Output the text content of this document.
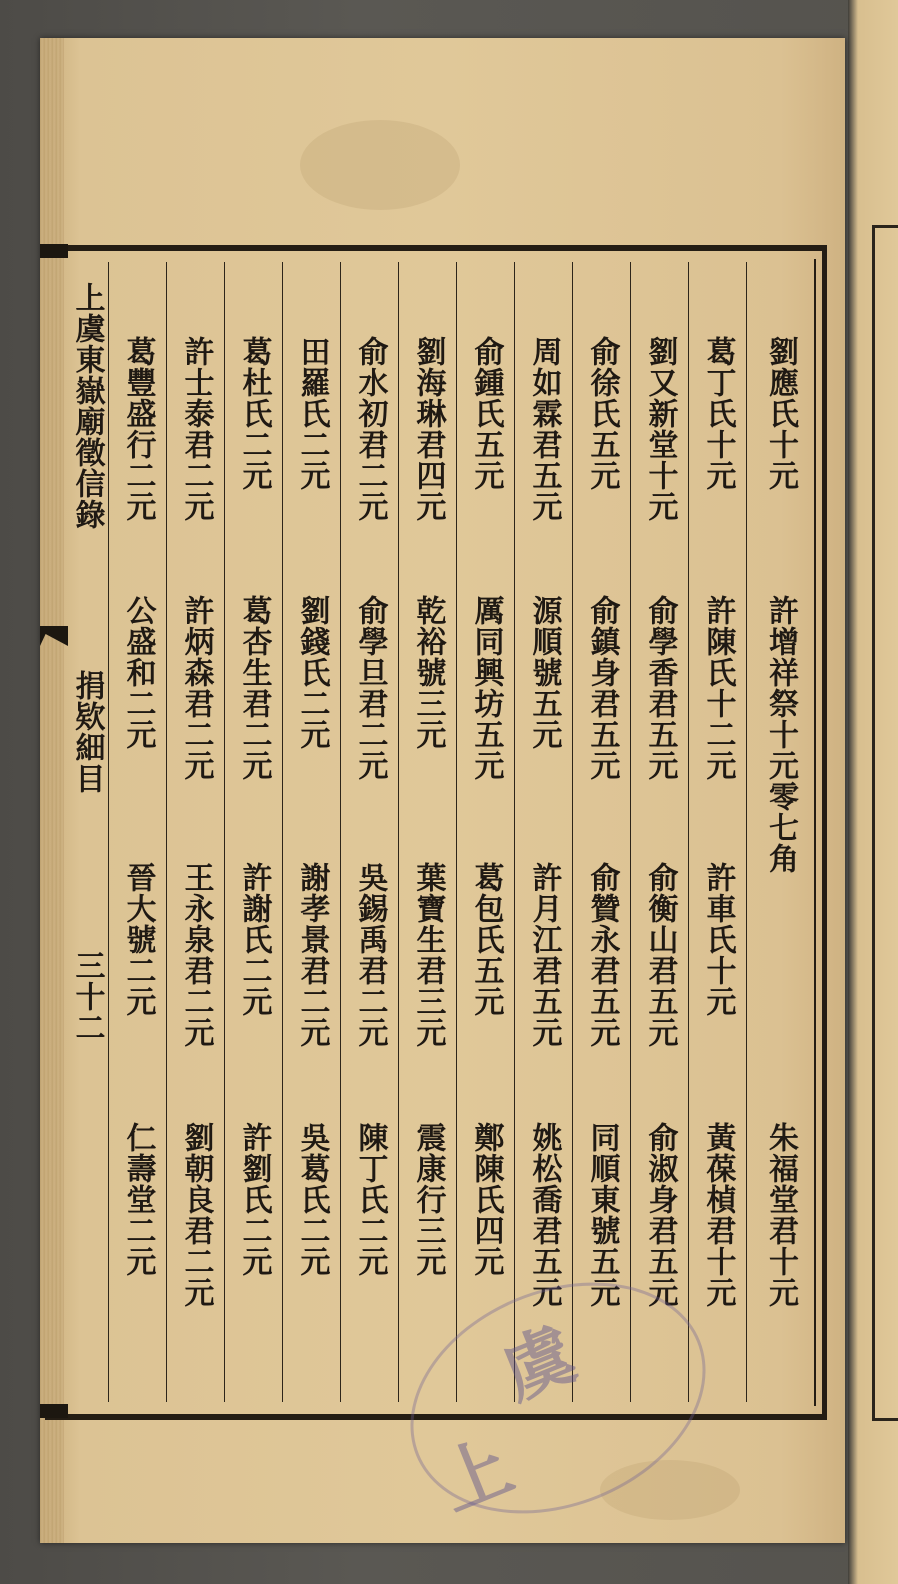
上虞東嶽廟徵信錄
捐欵細目
三十二
葛豐盛行二元
公盛和二元
晉大號二元
仁壽堂二元
許士泰君二元
許炳森君二元
王永泉君二元
劉朝良君二元
葛杜氏二元
葛杏生君二元
許謝氏二元
許劉氏二元
田羅氏二元
劉錢氏二元
謝孝景君二元
吳葛氏二元
俞水初君二元
俞學旦君二元
吳錫禹君二元
陳丁氏二元
劉海琳君四元
乾裕號三元
葉寶生君三元
震康行三元
俞鍾氏五元
厲同興坊五元
葛包氏五元
鄭陳氏四元
周如霖君五元
源順號五元
許月江君五元
姚松喬君五元
俞徐氏五元
俞鎮身君五元
俞贊永君五元
同順東號五元
劉又新堂十元
俞學香君五元
俞衡山君五元
俞淑身君五元
葛丁氏十元
許陳氏十二元
許車氏十元
黃葆楨君十元
劉應氏十元
許增祥祭十元零七角
朱福堂君十元
上
虞
